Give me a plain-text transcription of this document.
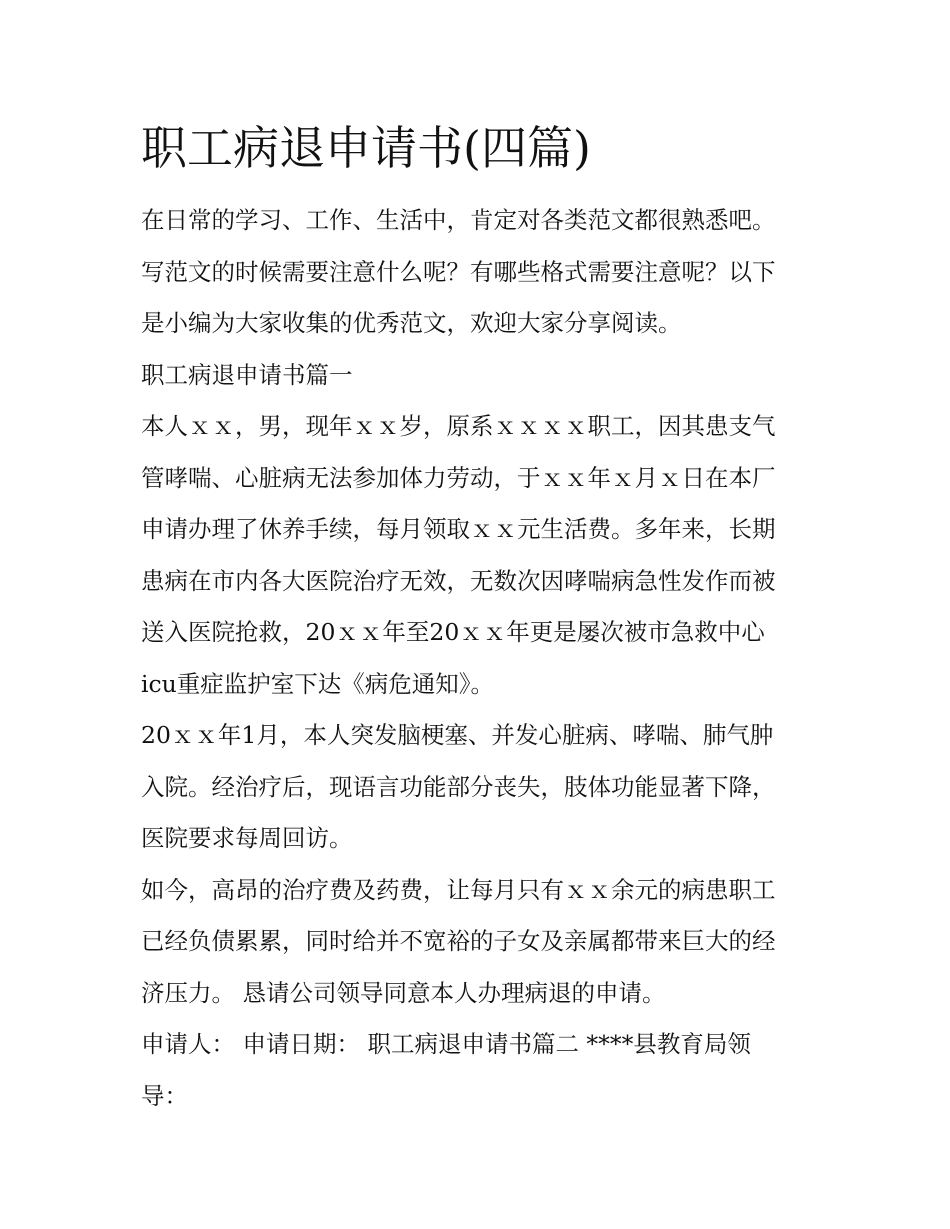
职工病退申请书(四篇)
在日常的学习、工作、生活中，肯定对各类范文都很熟悉吧。
写范文的时候需要注意什么呢？有哪些格式需要注意呢？以下
是小编为大家收集的优秀范文，欢迎大家分享阅读。
职工病退申请书篇一
本人ｘｘ，男，现年ｘｘ岁，原系ｘｘｘｘ职工，因其患支气
管哮喘、心脏病无法参加体力劳动，于ｘｘ年ｘ月ｘ日在本厂
申请办理了休养手续，每月领取ｘｘ元生活费。多年来，长期
患病在市内各大医院治疗无效，无数次因哮喘病急性发作而被
送入医院抢救，20ｘｘ年至20ｘｘ年更是屡次被市急救中心
icu重症监护室下达《病危通知》。
20ｘｘ年1月，本人突发脑梗塞、并发心脏病、哮喘、肺气肿
入院。经治疗后，现语言功能部分丧失，肢体功能显著下降，
医院要求每周回访。
如今，高昂的治疗费及药费，让每月只有ｘｘ余元的病患职工
已经负债累累，同时给并不宽裕的子女及亲属都带来巨大的经
济压力。 恳请公司领导同意本人办理病退的申请。
申请人： 申请日期： 职工病退申请书篇二 ****县教育局领
导：
